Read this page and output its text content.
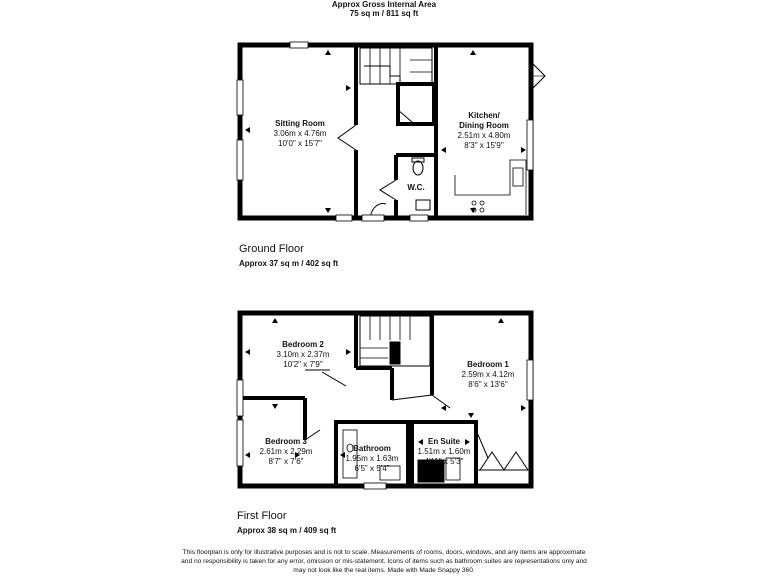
Approx Gross Internal Area
75 sq m / 811 sq ft
Sitting Room
3.06m x 4.76m
10'0" x 15'7"
Kitchen/
Dining Room
2.51m x 4.80m
8'3" x 15'9"
W.C.
Ground Floor
Approx 37 sq m / 402 sq ft
Bedroom 2
3.10m x 2.37m
10'2" x 7'9"	Bedroom 1
2.59m x 4.12m
8'6" x 13'6"
Bedroom 3
2.61m x 2.29m
8'7" x 7'6"
Bathroom
1.95m x 1.63m
6'5" x 5'4"
En Suite
1.51m x 1.60m
4'11" x 5'3"
First Floor
Approx 38 sq m / 409 sq ft
This floorplan is only for illustrative purposes and is not to scale. Measurements of rooms, doors, windows, and any items are approximate
and no responsibility is taken for any error, omission or mis-statement. Icons of items such as bathroom suites are representations only and
may not look like the real items. Made with Made Snappy 360.
